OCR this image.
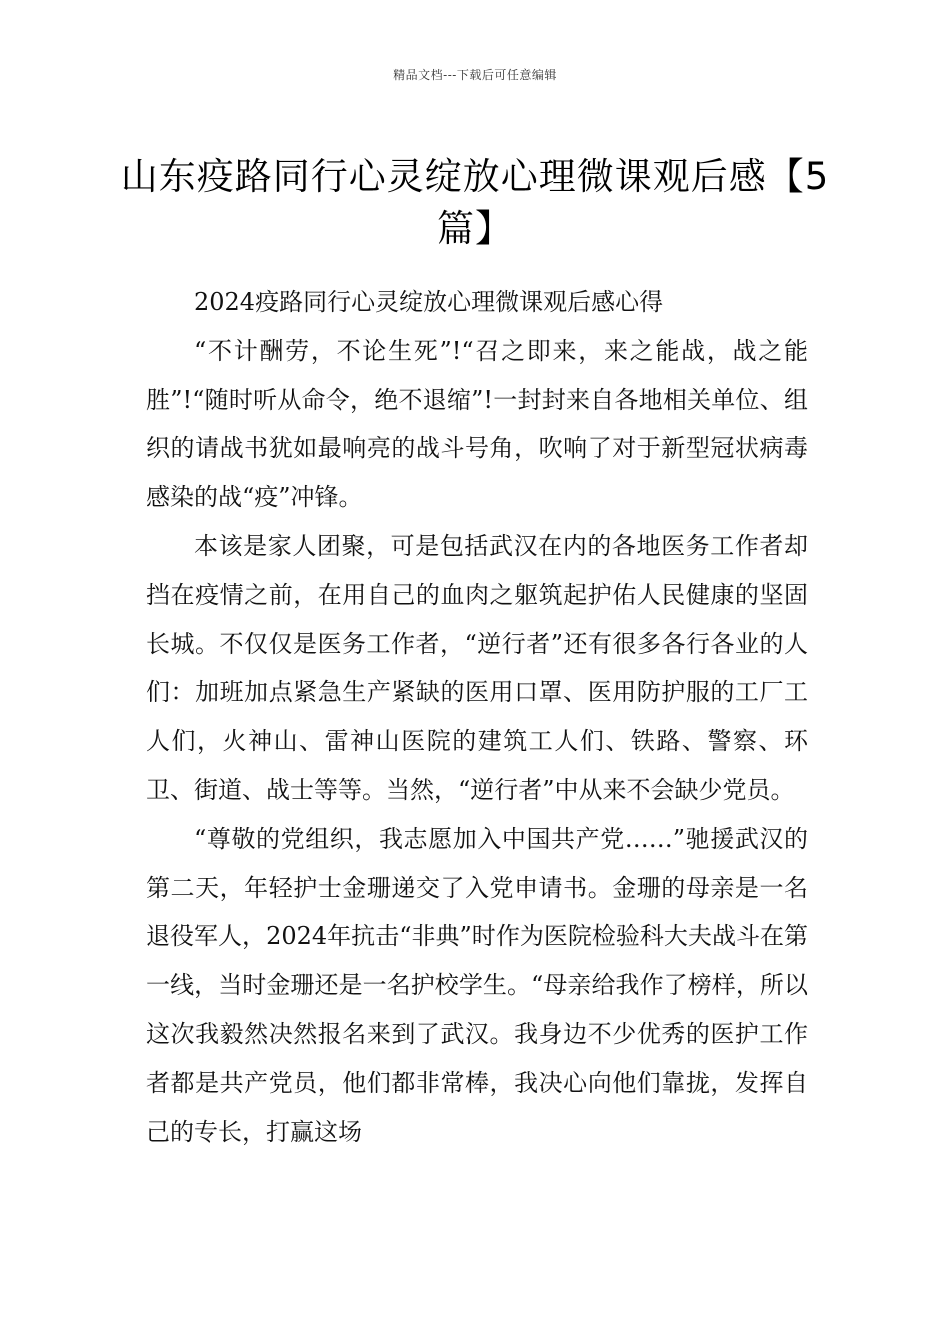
精品文档---下载后可任意编辑
山东疫路同行心灵绽放心理微课观后感【5篇】

2024疫路同行心灵绽放心理微课观后感心得

“不计酬劳，不论生死”!“召之即来，来之能战，战之能胜”!“随时听从命令，绝不退缩”!一封封来自各地相关单位、组织的请战书犹如最响亮的战斗号角，吹响了对于新型冠状病毒感染的战“疫”冲锋。

本该是家人团聚，可是包括武汉在内的各地医务工作者却挡在疫情之前，在用自己的血肉之躯筑起护佑人民健康的坚固长城。不仅仅是医务工作者，“逆行者”还有很多各行各业的人们：加班加点紧急生产紧缺的医用口罩、医用防护服的工厂工人们，火神山、雷神山医院的建筑工人们、铁路、警察、环卫、街道、战士等等。当然，“逆行者”中从来不会缺少党员。

“尊敬的党组织，我志愿加入中国共产党……”驰援武汉的第二天，年轻护士金珊递交了入党申请书。金珊的母亲是一名退役军人，2024年抗击“非典”时作为医院检验科大夫战斗在第一线，当时金珊还是一名护校学生。“母亲给我作了榜样，所以这次我毅然决然报名来到了武汉。我身边不少优秀的医护工作者都是共产党员，他们都非常棒，我决心向他们靠拢，发挥自己的专长，打赢这场
